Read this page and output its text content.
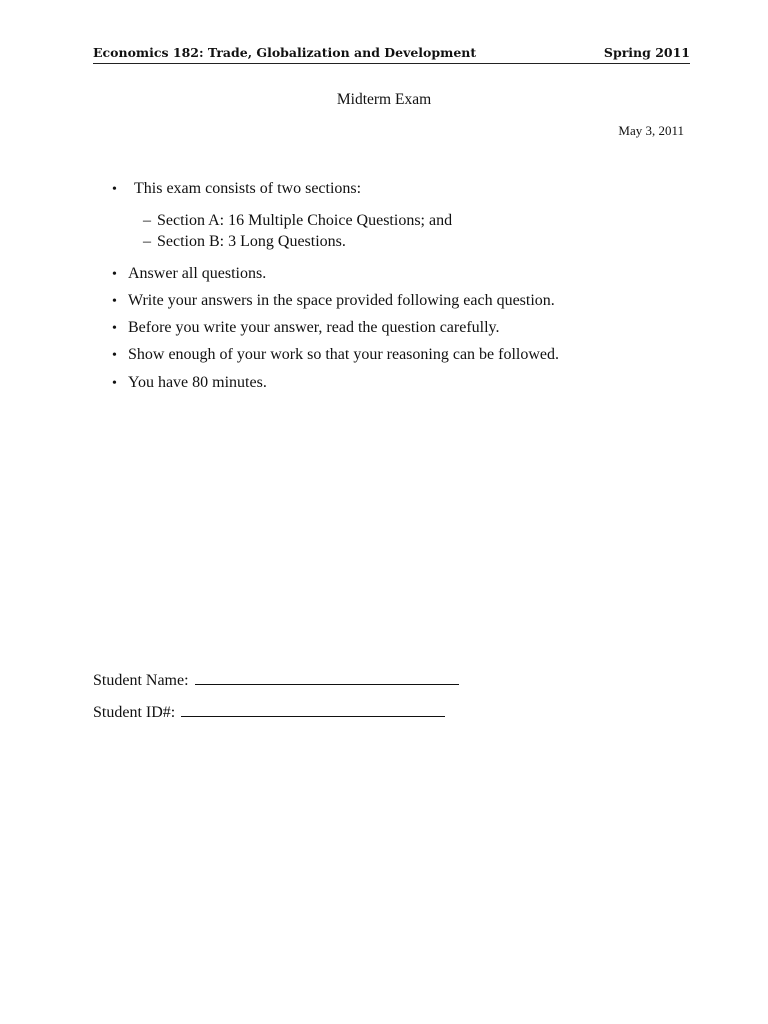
Economics 182: Trade, Globalization and Development	Spring 2011
Midterm Exam
May 3, 2011
• This exam consists of two sections:
– Section A: 16 Multiple Choice Questions; and
– Section B: 3 Long Questions.
• Answer all questions.
• Write your answers in the space provided following each question.
• Before you write your answer, read the question carefully.
• Show enough of your work so that your reasoning can be followed.
• You have 80 minutes.
Student Name:
Student ID#:
